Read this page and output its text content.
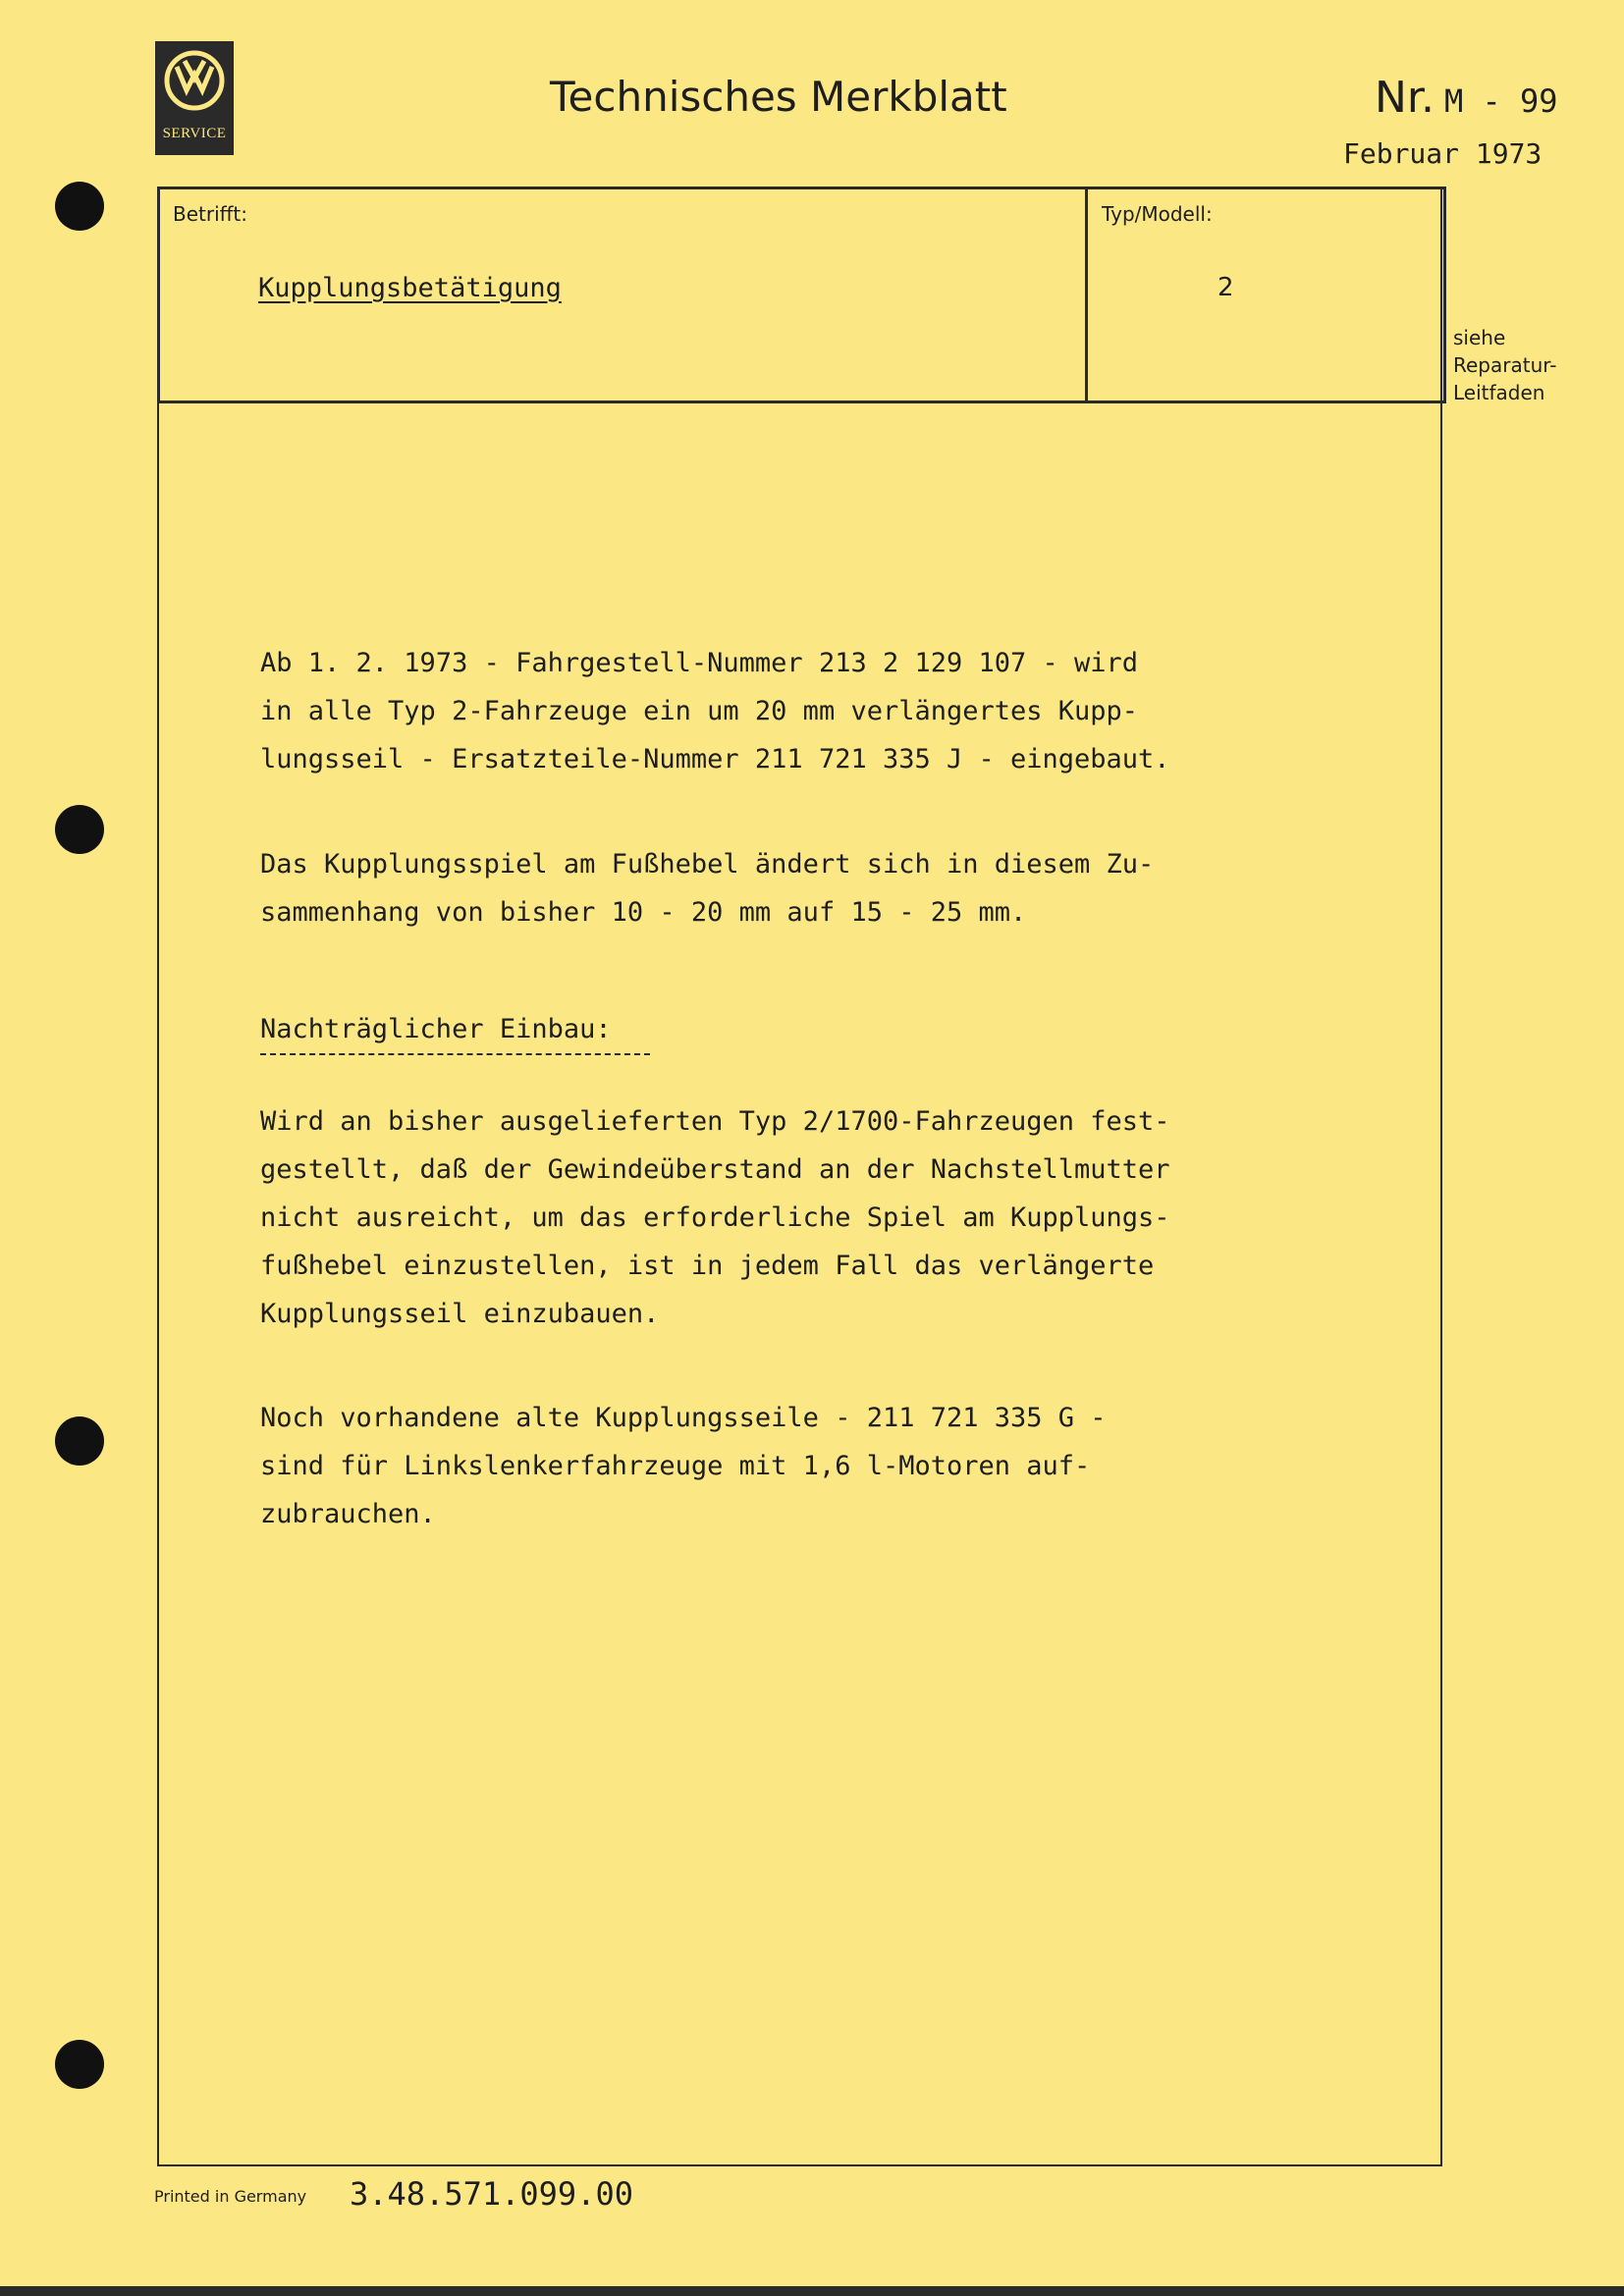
SERVICE
Technisches Merkblatt	Nr. M - 99
Februar 1973
Betrifft:	Typ/Modell:
Kupplungsbetätigung	2
siehe
Reparatur-
Leitfaden
Ab 1. 2. 1973 - Fahrgestell-Nummer 213 2 129 107 - wird
in alle Typ 2-Fahrzeuge ein um 20 mm verlängertes Kupp-
lungsseil - Ersatzteile-Nummer 211 721 335 J - eingebaut.
Das Kupplungsspiel am Fußhebel ändert sich in diesem Zu-
sammenhang von bisher 10 - 20 mm auf 15 - 25 mm.
Nachträglicher Einbau:
Wird an bisher ausgelieferten Typ 2/1700-Fahrzeugen fest-
gestellt, daß der Gewindeüberstand an der Nachstellmutter
nicht ausreicht, um das erforderliche Spiel am Kupplungs-
fußhebel einzustellen, ist in jedem Fall das verlängerte
Kupplungsseil einzubauen.
Noch vorhandene alte Kupplungsseile - 211 721 335 G -
sind für Linkslenkerfahrzeuge mit 1,6 l-Motoren auf-
zubrauchen.
Printed in Germany 3.48.571.099.00
